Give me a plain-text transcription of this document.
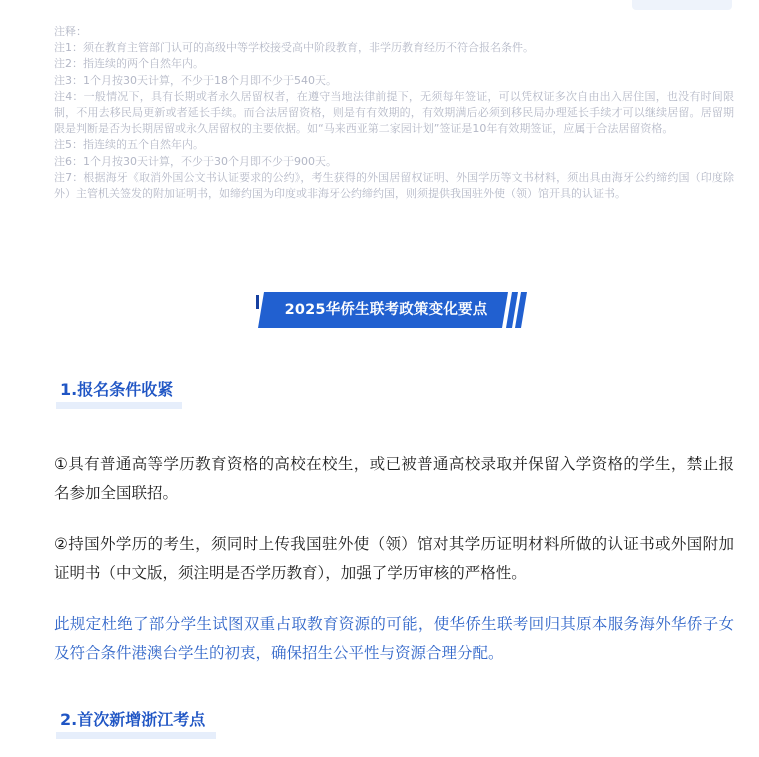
注释：

注1：须在教育主管部门认可的高级中等学校接受高中阶段教育，非学历教育经历不符合报名条件。

注2：指连续的两个自然年内。

注3：1个月按30天计算，不少于18个月即不少于540天。

注4：一般情况下，具有长期或者永久居留权者，在遵守当地法律前提下，无须每年签证，可以凭权证多次自由出入居住国，也没有时间限制，不用去移民局更新或者延长手续。而合法居留资格，则是有有效期的，有效期满后必须到移民局办理延长手续才可以继续居留。居留期限是判断是否为长期居留或永久居留权的主要依据。如“马来西亚第二家园计划”签证是10年有效期签证，应属于合法居留资格。

注5：指连续的五个自然年内。

注6：1个月按30天计算，不少于30个月即不少于900天。

注7：根据海牙《取消外国公文书认证要求的公约》，考生获得的外国居留权证明、外国学历等文书材料，须出具由海牙公约缔约国（印度除外）主管机关签发的附加证明书，如缔约国为印度或非海牙公约缔约国，则须提供我国驻外使（领）馆开具的认证书。

2025华侨生联考政策变化要点
1.报名条件收紧

①具有普通高等学历教育资格的高校在校生，或已被普通高校录取并保留入学资格的学生，禁止报名参加全国联招。

②持国外学历的考生，须同时上传我国驻外使（领）馆对其学历证明材料所做的认证书或外国附加证明书（中文版，须注明是否学历教育），加强了学历审核的严格性。

此规定杜绝了部分学生试图双重占取教育资源的可能，使华侨生联考回归其原本服务海外华侨子女及符合条件港澳台学生的初衷，确保招生公平性与资源合理分配。

2.首次新增浙江考点
